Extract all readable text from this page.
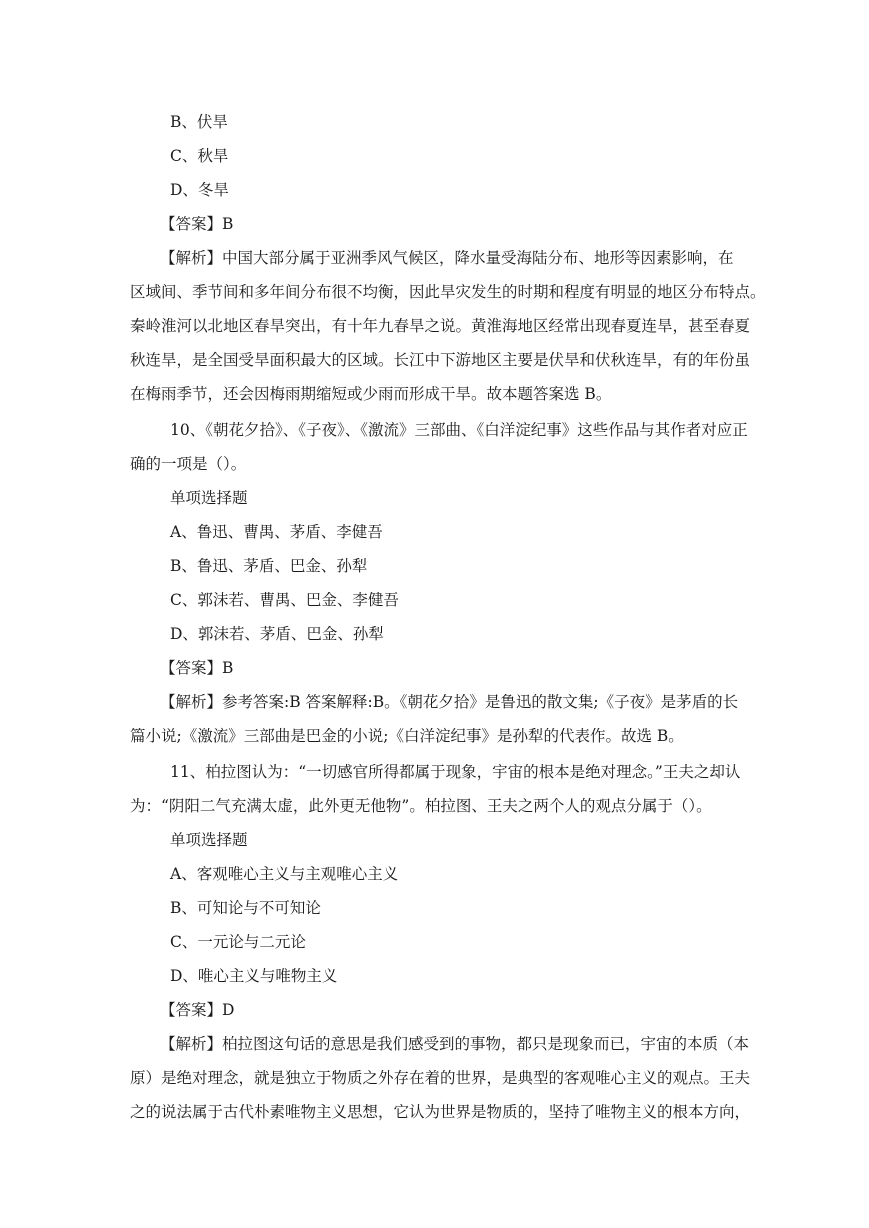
B、伏旱
C、秋旱
D、冬旱
【答案】B
【解析】中国大部分属于亚洲季风气候区，降水量受海陆分布、地形等因素影响，在
区域间、季节间和多年间分布很不均衡，因此旱灾发生的时期和程度有明显的地区分布特点。
秦岭淮河以北地区春旱突出，有十年九春旱之说。黄淮海地区经常出现春夏连旱，甚至春夏
秋连旱，是全国受旱面积最大的区域。长江中下游地区主要是伏旱和伏秋连旱，有的年份虽
在梅雨季节，还会因梅雨期缩短或少雨而形成干旱。故本题答案选 B。
10、《朝花夕拾》、《子夜》、《激流》三部曲、《白洋淀纪事》这些作品与其作者对应正
确的一项是（）。
单项选择题
A、鲁迅、曹禺、茅盾、李健吾
B、鲁迅、茅盾、巴金、孙犁
C、郭沫若、曹禺、巴金、李健吾
D、郭沫若、茅盾、巴金、孙犁
【答案】B
【解析】参考答案:B 答案解释:B。《朝花夕拾》是鲁迅的散文集;《子夜》是茅盾的长
篇小说;《激流》三部曲是巴金的小说;《白洋淀纪事》是孙犁的代表作。故选 B。
11、柏拉图认为：“一切感官所得都属于现象，宇宙的根本是绝对理念。”王夫之却认
为：“阴阳二气充满太虚，此外更无他物”。柏拉图、王夫之两个人的观点分属于（）。
单项选择题
A、客观唯心主义与主观唯心主义
B、可知论与不可知论
C、一元论与二元论
D、唯心主义与唯物主义
【答案】D
【解析】柏拉图这句话的意思是我们感受到的事物，都只是现象而已，宇宙的本质（本
原）是绝对理念，就是独立于物质之外存在着的世界，是典型的客观唯心主义的观点。王夫
之的说法属于古代朴素唯物主义思想，它认为世界是物质的，坚持了唯物主义的根本方向，
